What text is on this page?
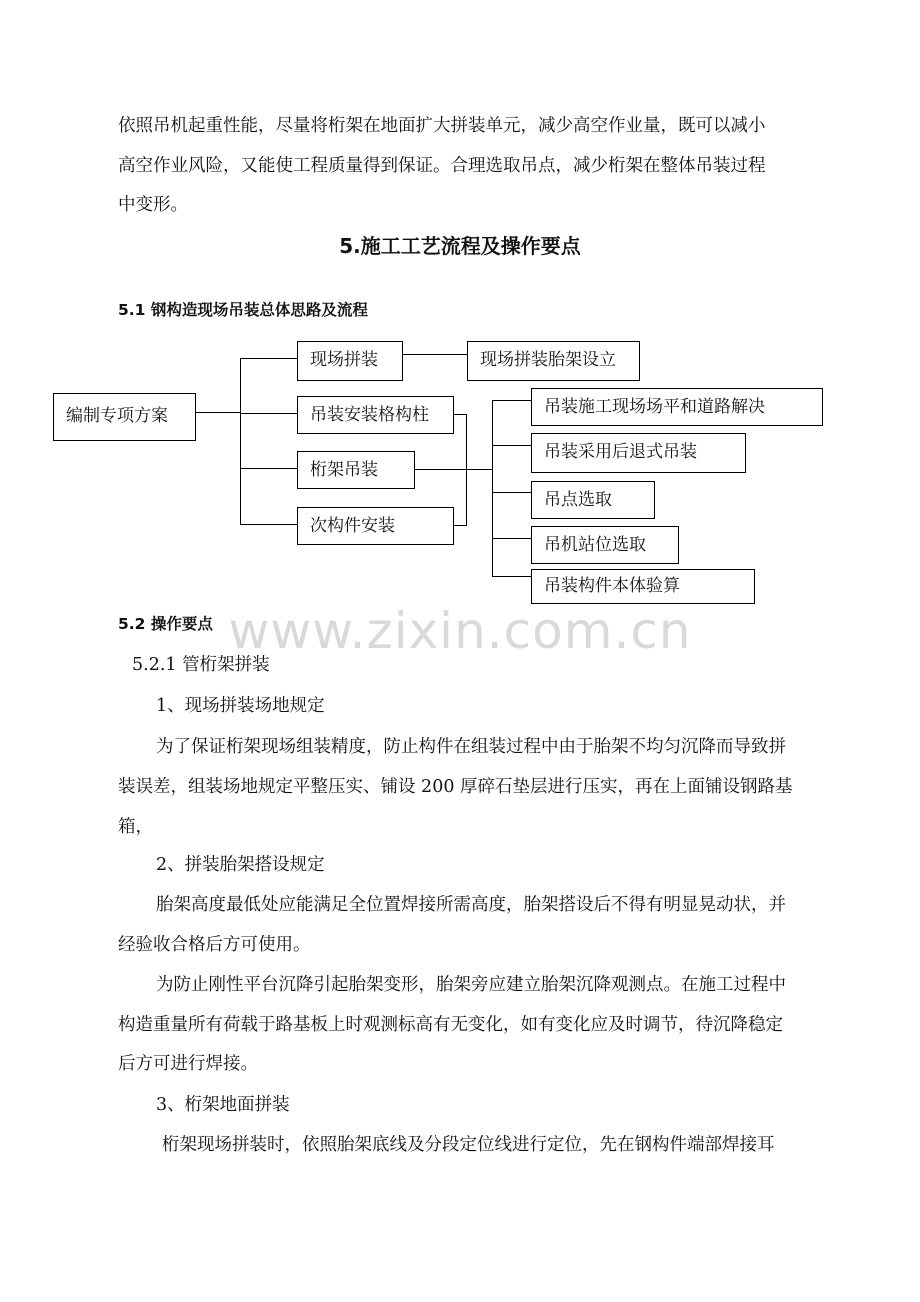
依照吊机起重性能，尽量将桁架在地面扩大拼装单元，减少高空作业量，既可以减小
高空作业风险，又能使工程质量得到保证。合理选取吊点，减少桁架在整体吊装过程
中变形。
5.施工工艺流程及操作要点
5.1 钢构造现场吊装总体思路及流程
编制专项方案
现场拼装	现场拼装胎架设立
吊装安装格构柱
桁架吊装
次构件安装
吊装施工现场场平和道路解决
吊装采用后退式吊装
吊点选取
吊机站位选取
吊装构件本体验算
www.zixin.com.cn
5.2 操作要点
5.2.1 管桁架拼装
1、现场拼装场地规定
为了保证桁架现场组装精度，防止构件在组装过程中由于胎架不均匀沉降而导致拼
装误差，组装场地规定平整压实、铺设 200 厚碎石垫层进行压实，再在上面铺设钢路基
箱，
2、拼装胎架搭设规定
胎架高度最低处应能满足全位置焊接所需高度，胎架搭设后不得有明显晃动状，并
经验收合格后方可使用。
为防止刚性平台沉降引起胎架变形，胎架旁应建立胎架沉降观测点。在施工过程中
构造重量所有荷载于路基板上时观测标高有无变化，如有变化应及时调节，待沉降稳定
后方可进行焊接。
3、桁架地面拼装
桁架现场拼装时，依照胎架底线及分段定位线进行定位，先在钢构件端部焊接耳
